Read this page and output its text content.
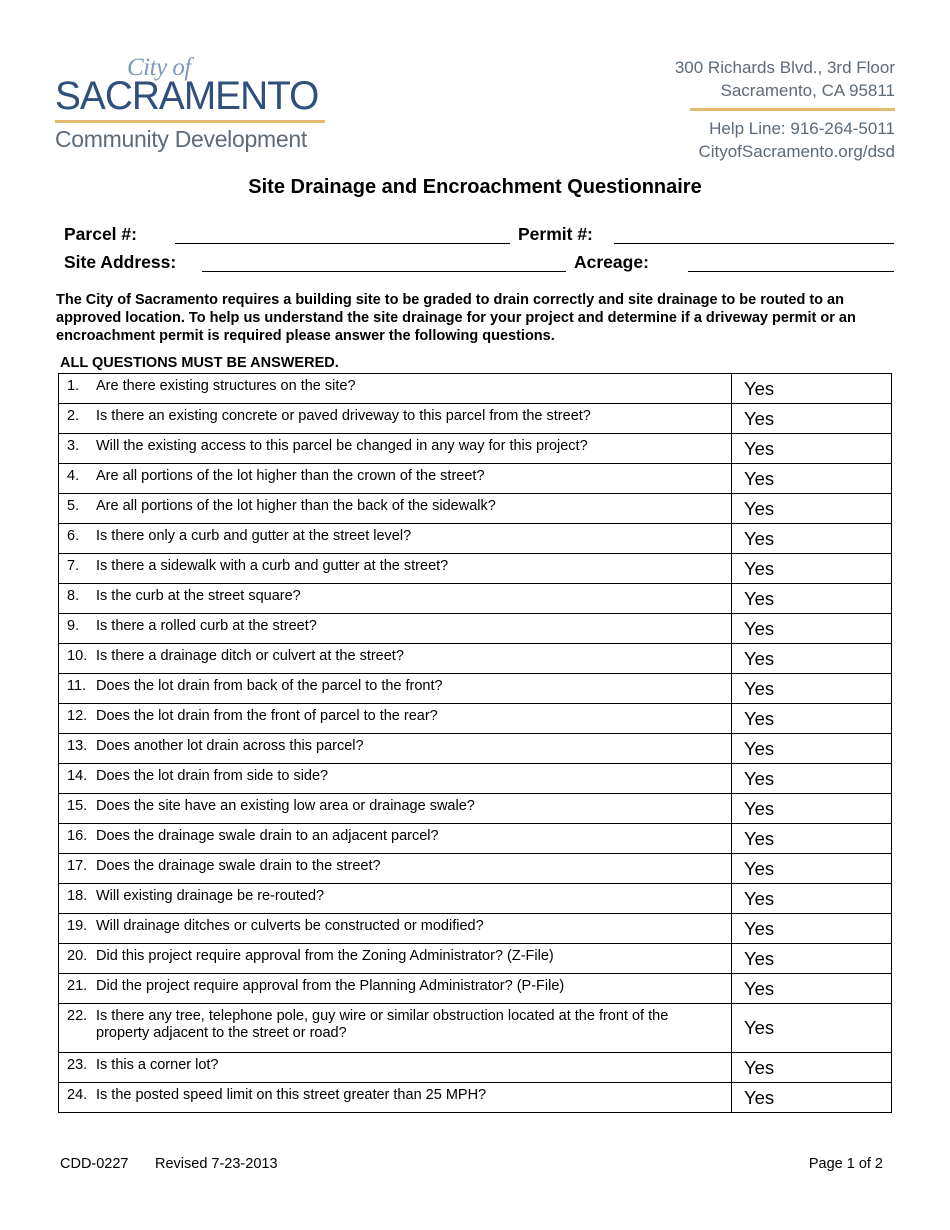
City of
SACRAMENTO
Community Development
300 Richards Blvd., 3rd Floor
Sacramento, CA 95811
Help Line: 916-264-5011
CityofSacramento.org/dsd
Site Drainage and Encroachment Questionnaire
Parcel #:	Permit #:
Site Address:	Acreage:
The City of Sacramento requires a building site to be graded to drain correctly and site drainage to be routed to an approved location. To help us understand the site drainage for your project and determine if a driveway permit or an encroachment permit is required please answer the following questions.
ALL QUESTIONS MUST BE ANSWERED.
1. Are there existing structures on the site?	Yes

2. Is there an existing concrete or paved driveway to this parcel from the street?	Yes

3. Will the existing access to this parcel be changed in any way for this project?	Yes

4. Are all portions of the lot higher than the crown of the street?	Yes

5. Are all portions of the lot higher than the back of the sidewalk?	Yes

6. Is there only a curb and gutter at the street level?	Yes

7. Is there a sidewalk with a curb and gutter at the street?	Yes

8. Is the curb at the street square?	Yes

9. Is there a rolled curb at the street?	Yes

10. Is there a drainage ditch or culvert at the street?	Yes

11. Does the lot drain from back of the parcel to the front?	Yes

12. Does the lot drain from the front of parcel to the rear?	Yes

13. Does another lot drain across this parcel?	Yes

14. Does the lot drain from side to side?	Yes

15. Does the site have an existing low area or drainage swale?	Yes

16. Does the drainage swale drain to an adjacent parcel?	Yes

17. Does the drainage swale drain to the street?	Yes

18. Will existing drainage be re-routed?	Yes

19. Will drainage ditches or culverts be constructed or modified?	Yes

20. Did this project require approval from the Zoning Administrator? (Z-File)	Yes

21. Did the project require approval from the Planning Administrator? (P-File)	Yes

22. Is there any tree, telephone pole, guy wire or similar obstruction located at the front of the property adjacent to the street or road?	Yes

23. Is this a corner lot?	Yes

24. Is the posted speed limit on this street greater than 25 MPH?	Yes
CDD-0227 Revised 7-23-2013	Page 1 of 2
